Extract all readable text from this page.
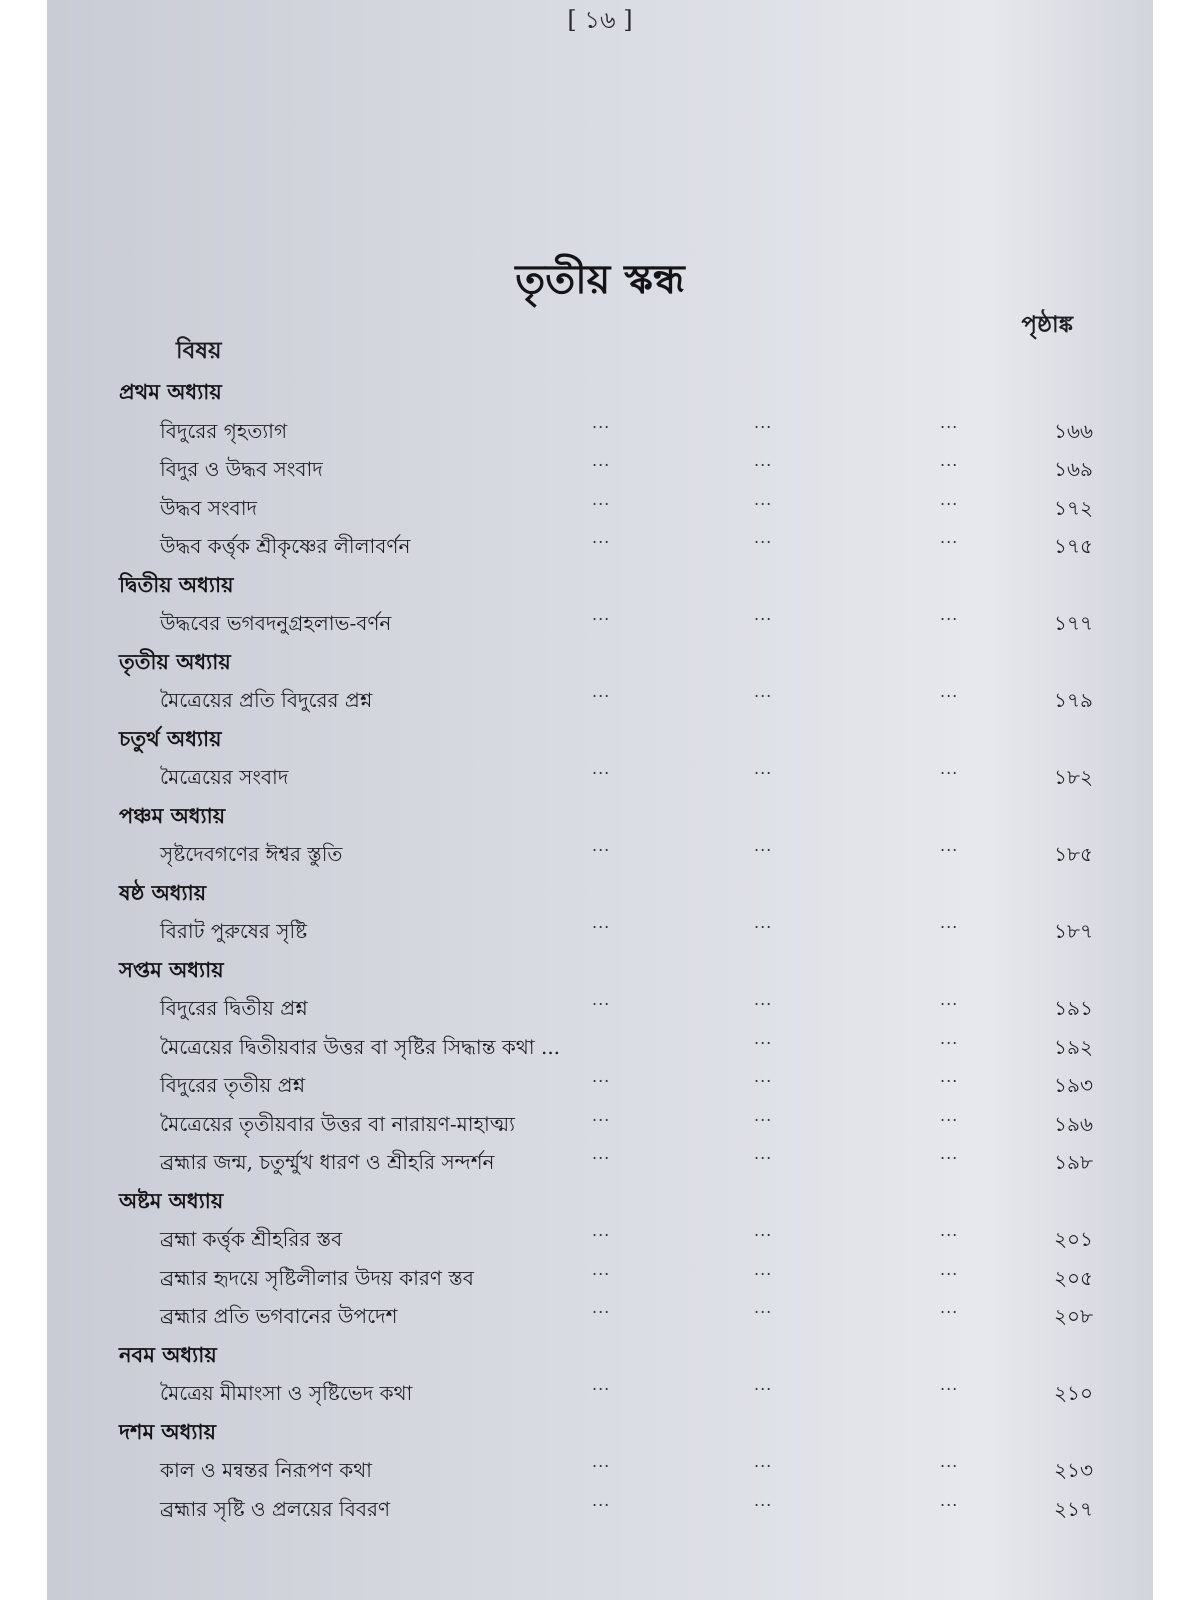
[ ১৬ ]
তৃতীয় স্কন্ধ
বিষয়
পৃষ্ঠাঙ্ক
প্রথম অধ্যায়
বিদুরের গৃহত্যাগ	...	...	...	১৬৬
বিদুর ও উদ্ধব সংবাদ	...	...	...	১৬৯
উদ্ধব সংবাদ	...	...	...	১৭২
উদ্ধব কর্ত্তৃক শ্রীকৃষ্ণের লীলাবর্ণন	...	...	...	১৭৫
দ্বিতীয় অধ্যায়
উদ্ধবের ভগবদনুগ্রহলাভ-বর্ণন	...	...	...	১৭৭
তৃতীয় অধ্যায়
মৈত্রেয়ের প্রতি বিদুরের প্রশ্ন	...	...	...	১৭৯
চতুর্থ অধ্যায়
মৈত্রেয়ের সংবাদ	...	...	...	১৮২
পঞ্চম অধ্যায়
সৃষ্টদেবগণের ঈশ্বর স্তুতি	...	...	...	১৮৫
ষষ্ঠ অধ্যায়
বিরাট পুরুষের সৃষ্টি	...	...	...	১৮৭
সপ্তম অধ্যায়
বিদুরের দ্বিতীয় প্রশ্ন	...	...	...	১৯১
মৈত্রেয়ের দ্বিতীয়বার উত্তর বা সৃষ্টির সিদ্ধান্ত কথা ...	...	...	১৯২
বিদুরের তৃতীয় প্রশ্ন	...	...	...	১৯৩
মৈত্রেয়ের তৃতীয়বার উত্তর বা নারায়ণ-মাহাত্ম্য	...	...	...	১৯৬
ব্রহ্মার জন্ম, চতুর্ম্মুখ ধারণ ও শ্রীহরি সন্দর্শন	...	...	...	১৯৮
অষ্টম অধ্যায়
ব্রহ্মা কর্ত্তৃক শ্রীহরির স্তব	...	...	...	২০১
ব্রহ্মার হৃদয়ে সৃষ্টিলীলার উদয় কারণ স্তব	...	...	...	২০৫
ব্রহ্মার প্রতি ভগবানের উপদেশ	...	...	...	২০৮
নবম অধ্যায়
মৈত্রেয় মীমাংসা ও সৃষ্টিভেদ কথা	...	...	...	২১০
দশম অধ্যায়
কাল ও মন্বন্তর নিরূপণ কথা	...	...	...	২১৩
ব্রহ্মার সৃষ্টি ও প্রলয়ের বিবরণ	...	...	...	২১৭
